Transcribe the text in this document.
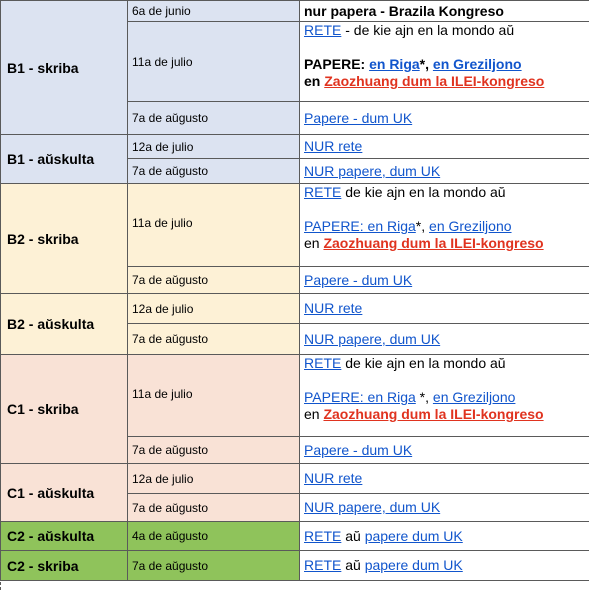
B1 - skriba	6a de junio	nur papera - Brazila Kongreso
	11a de julio	RETE - de kie ajn en la mondo aŭ
PAPERE: en Riga*, en Greziljono
en Zaozhuang dum la ILEI-kongreso
	7a de aŭgusto	Papere - dum UK
B1 - aŭskulta	12a de julio	NUR rete
	7a de aŭgusto	NUR papere, dum UK
B2 - skriba	11a de julio	RETE de kie ajn en la mondo aŭ
PAPERE: en Riga*, en Greziljono
en Zaozhuang dum la ILEI-kongreso
	7a de aŭgusto	Papere - dum UK
B2 - aŭskulta	12a de julio	NUR rete
	7a de aŭgusto	NUR papere, dum UK
C1 - skriba	11a de julio	RETE de kie ajn en la mondo aŭ
PAPERE: en Riga *, en Greziljono
en Zaozhuang dum la ILEI-kongreso
	7a de aŭgusto	Papere - dum UK
C1 - aŭskulta	12a de julio	NUR rete
	7a de aŭgusto	NUR papere, dum UK
C2 - aŭskulta	4a de aŭgusto	RETE aŭ papere dum UK
C2 - skriba	7a de aŭgusto	RETE aŭ papere dum UK
